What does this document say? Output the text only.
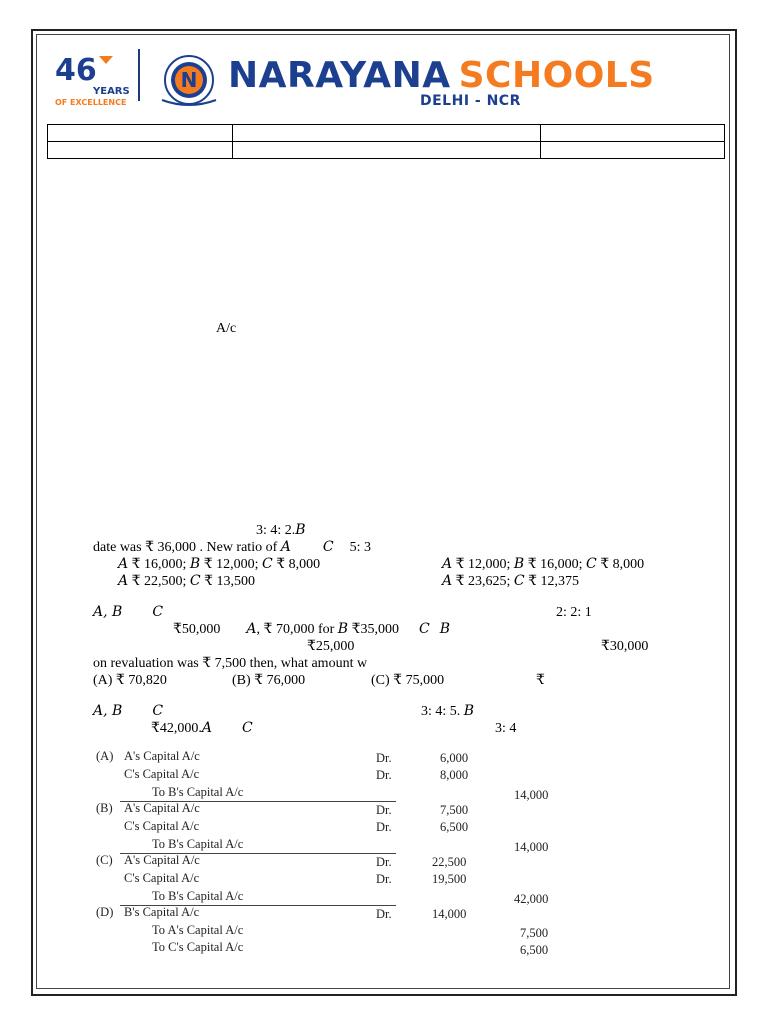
46
YEARS
OF EXCELLENCE
N NARAYANA SCHOOLS
DELHI - NCR

A/c
3: 4: 2.B
date was ₹ 36,000 . New ratio of A C 5: 3
A ₹ 16,000; B ₹ 12,000; C ₹ 8,000	A ₹ 12,000; B ₹ 16,000; C ₹ 8,000
A ₹ 22,500; C ₹ 13,500	A ₹ 23,625; C ₹ 12,375
A, B C	2: 2: 1
₹50,000 A, ₹ 70,000 for B ₹35,000 C B
₹25,000	₹30,000
on revaluation was ₹ 7,500 then, what amount w
(A) ₹ 70,820	(B) ₹ 76,000	(C) ₹ 75,000	₹
A, B C	3: 4: 5. B
₹42,000.A C	3: 4
(A) A's Capital A/c	Dr.	6,000
C's Capital A/c	Dr.	8,000
To B's Capital A/c	14,000
(B) A's Capital A/c	Dr.	7,500
C's Capital A/c	Dr.	6,500
To B's Capital A/c	14,000
(C) A's Capital A/c	Dr.	22,500
C's Capital A/c	Dr.	19,500
To B's Capital A/c	42,000
(D) B's Capital A/c	Dr.	14,000
To A's Capital A/c	7,500
To C's Capital A/c	6,500
